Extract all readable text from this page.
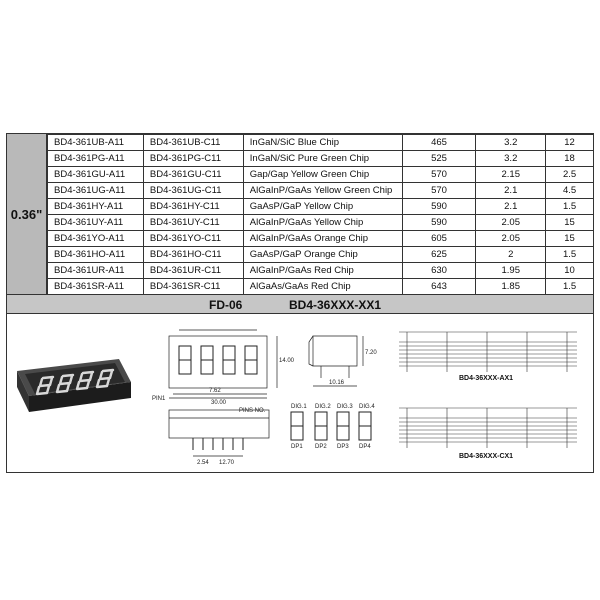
0.36"
BD4-361UB-A11	BD4-361UB-C11	InGaN/SiC Blue Chip	465	3.2	12
BD4-361PG-A11	BD4-361PG-C11	InGaN/SiC Pure Green Chip	525	3.2	18
BD4-361GU-A11	BD4-361GU-C11	Gap/Gap Yellow Green Chip	570	2.15	2.5
BD4-361UG-A11	BD4-361UG-C11	AlGaInP/GaAs Yellow Green Chip	570	2.1	4.5
BD4-361HY-A11	BD4-361HY-C11	GaAsP/GaP Yellow Chip	590	2.1	1.5
BD4-361UY-A11	BD4-361UY-C11	AlGaInP/GaAs Yellow Chip	590	2.05	15
BD4-361YO-A11	BD4-361YO-C11	AlGaInP/GaAs Orange Chip	605	2.05	15
BD4-361HO-A11	BD4-361HO-C11	GaAsP/GaP Orange Chip	625	2	1.5
BD4-361UR-A11	BD4-361UR-C11	AlGaInP/GaAs Red Chip	630	1.95	10
BD4-361SR-A11	BD4-361SR-C11	AlGaAs/GaAs Red Chip	643	1.85	1.5
FD-06	BD4-36XXX-XX1
7.62
30.00
PIN1
14.00
10.16
7.20
PINS NO.
2.54 12.70
DIG.1 DIG.2 DIG.3 DIG.4
DP1 DP2 DP3 DP4
BD4-36XXX-AX1
BD4-36XXX-CX1
